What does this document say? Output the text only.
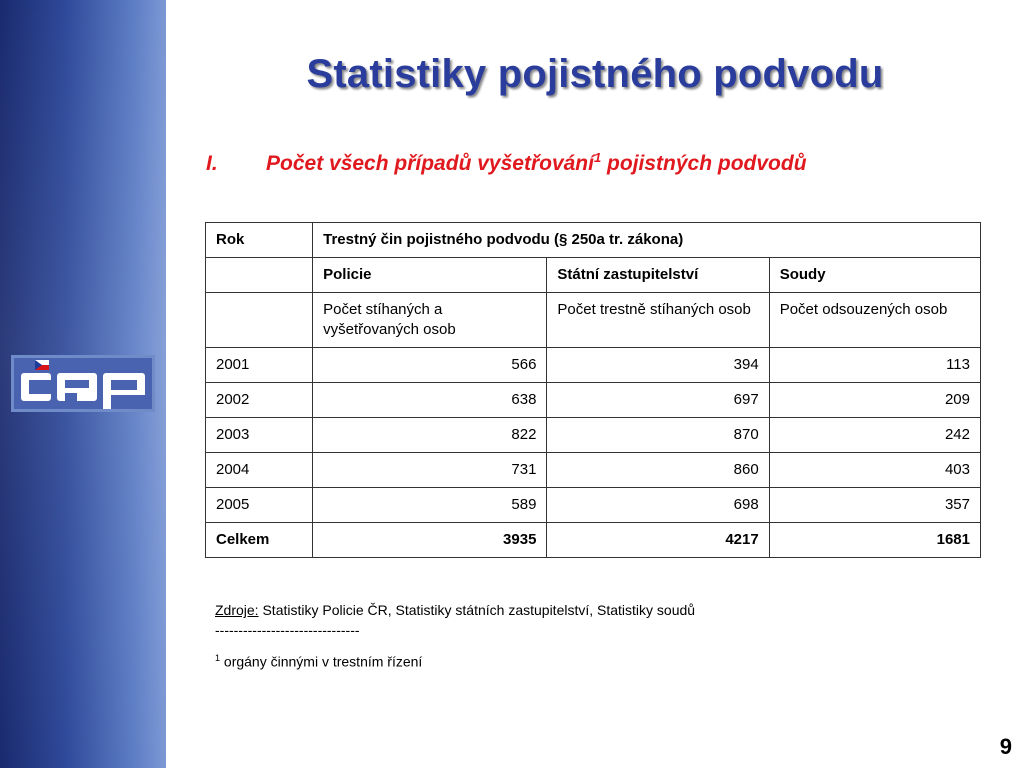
Statistiky pojistného podvodu
I. Počet všech případů vyšetřování$^1$ pojistných podvodů
Rok	Trestný čin pojistného podvodu (§ 250a tr. zákona)		
	Policie	Státní zastupitelství	Soudy
	Počet stíhaných a vyšetřovaných osob	Počet trestně stíhaných osob	Počet odsouzených osob
2001	566	394	113
2002	638	697	209
2003	822	870	242
2004	731	860	403
2005	589	698	357
Celkem	3935	4217	1681
Zdroje: Statistiky Policie ČR, Statistiky státních zastupitelství, Statistiky soudů
-------------------------------
$^1$ orgány činnými v trestním řízení
9
